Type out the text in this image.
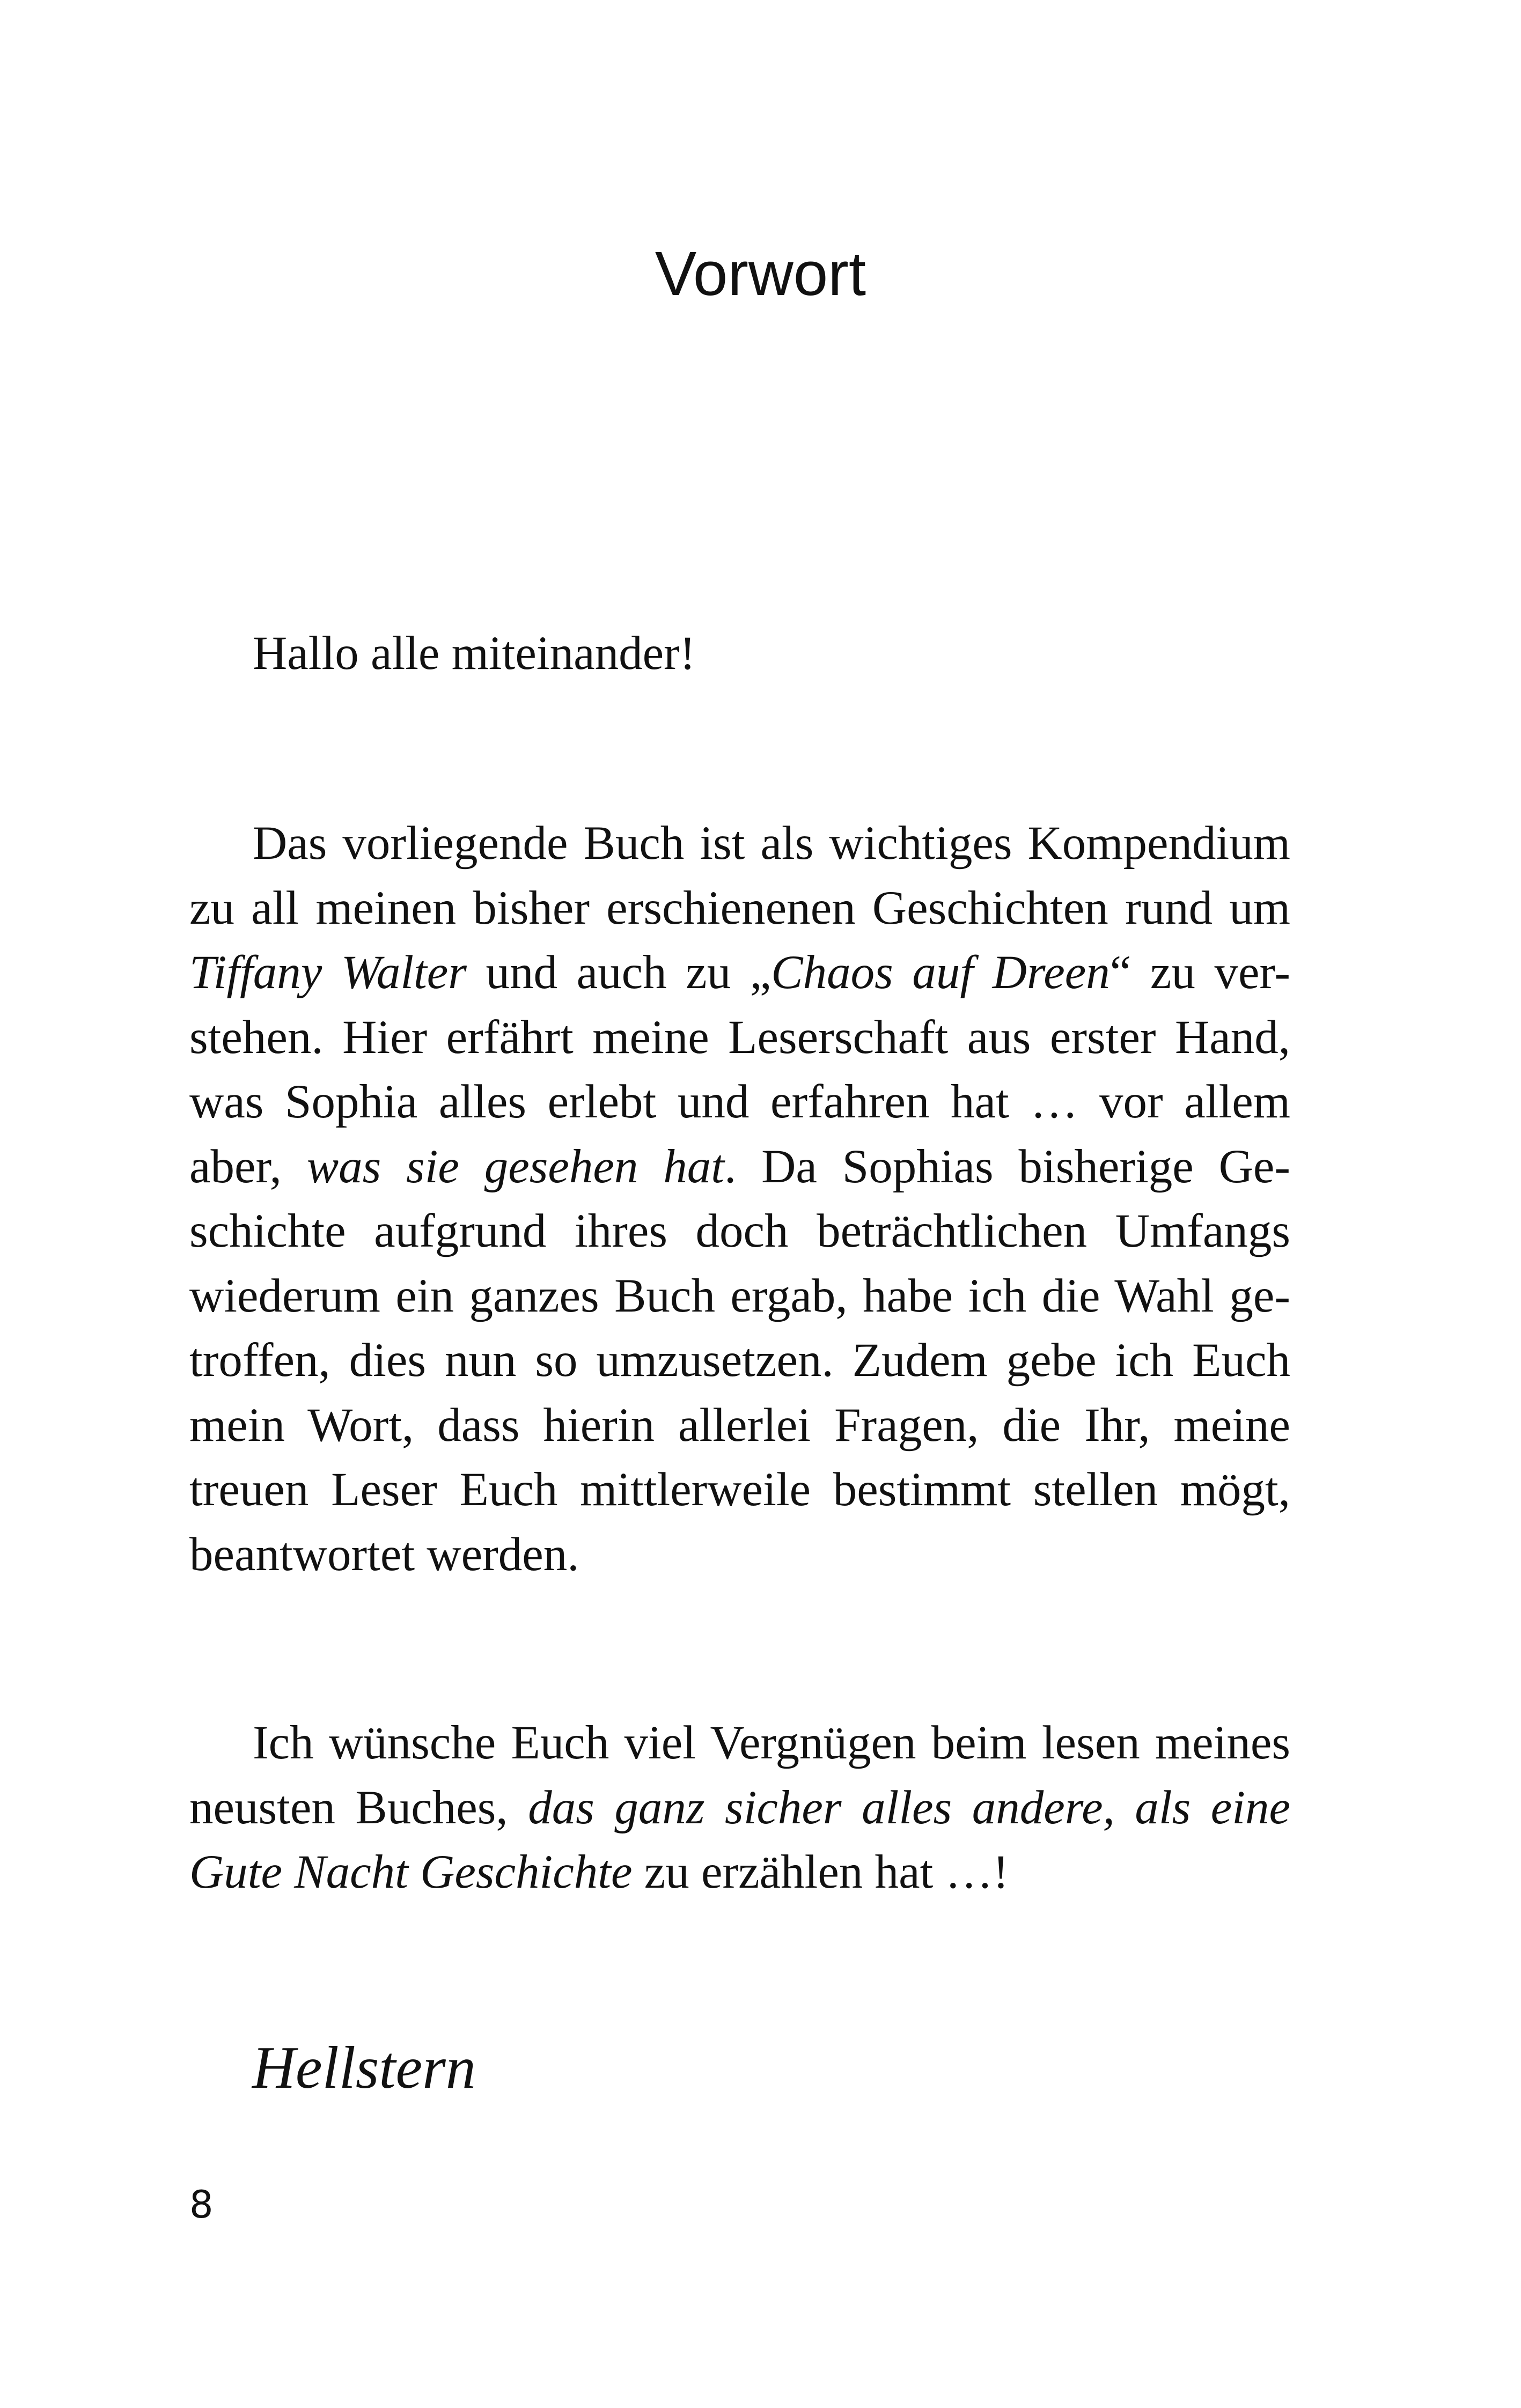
Vorwort

Hallo alle miteinander!

Das vorliegende Buch ist als wichtiges Kompendium
zu all meinen bisher erschienenen Geschichten rund um
Tiffany Walter und auch zu „Chaos auf Dreen“ zu ver-
stehen. Hier erfährt meine Leserschaft aus erster Hand,
was Sophia alles erlebt und erfahren hat … vor allem
aber, was sie gesehen hat. Da Sophias bisherige Ge-
schichte aufgrund ihres doch beträchtlichen Umfangs
wiederum ein ganzes Buch ergab, habe ich die Wahl ge-
troffen, dies nun so umzusetzen. Zudem gebe ich Euch
mein Wort, dass hierin allerlei Fragen, die Ihr, meine
treuen Leser Euch mittlerweile bestimmt stellen mögt,
beantwortet werden.
Ich wünsche Euch viel Vergnügen beim lesen meines
neusten Buches, das ganz sicher alles andere, als eine
Gute Nacht Geschichte zu erzählen hat …!
Hellstern
8
